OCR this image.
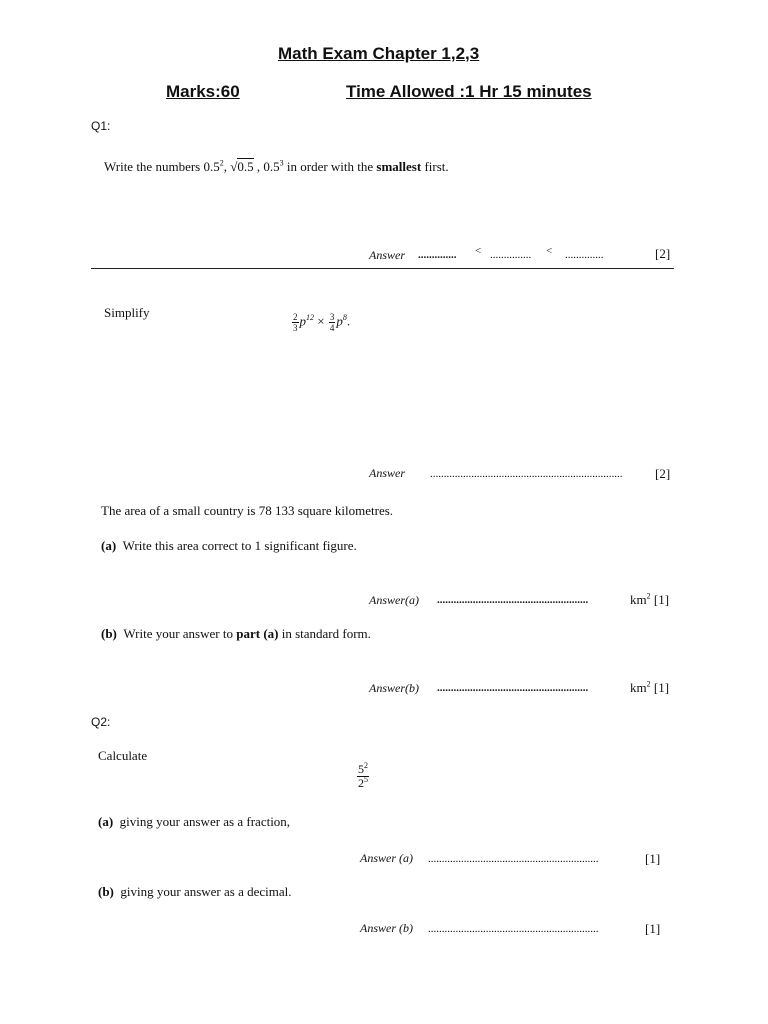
Math Exam Chapter 1,2,3
Marks:60	Time Allowed :1 Hr 15 minutes
Q1:
Write the numbers $0.5^2$, √0.5 , $0.5^3$ in order with the smallest first.
Answer .............. < ............... < ..............	[2]
Simplify	$\frac{2}{3} p^{12} \times \frac{3}{4} p^8$.
Answer ......................................................................	[2]
The area of a small country is 78 133 square kilometres.
(a) Write this area correct to 1 significant figure.
Answer(a) .......................................................	$km^2$ [1]
(b) Write your answer to part (a) in standard form.
Answer(b) .......................................................	$km^2$ [1]
Q2:
Calculate
$\frac{5^2}{2^5}$
(a) giving your answer as a fraction,
Answer (a) ..............................................................	[1]
(b) giving your answer as a decimal.
Answer (b) ..............................................................	[1]
